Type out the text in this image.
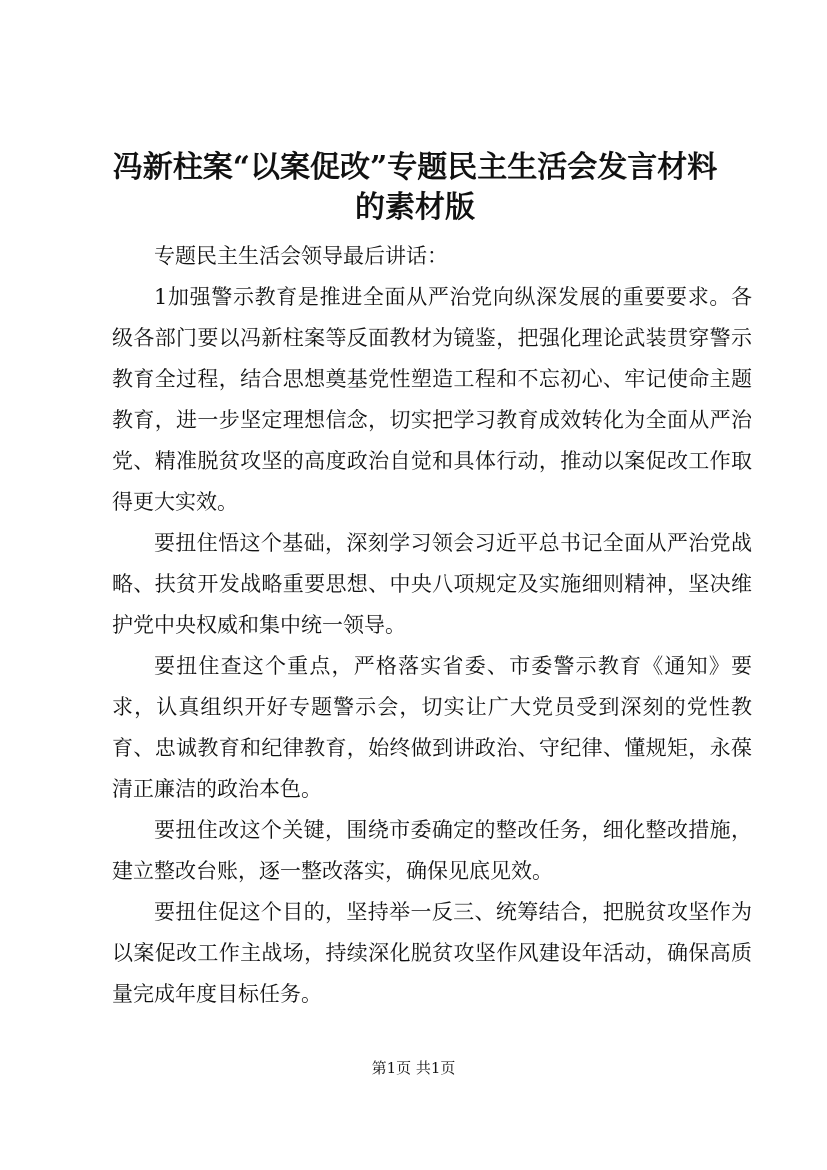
冯新柱案“以案促改”专题民主生活会发言材料的素材版

专题民主生活会领导最后讲话：

1加强警示教育是推进全面从严治党向纵深发展的重要要求。各级各部门要以冯新柱案等反面教材为镜鉴，把强化理论武装贯穿警示教育全过程，结合思想奠基党性塑造工程和不忘初心、牢记使命主题教育，进一步坚定理想信念，切实把学习教育成效转化为全面从严治党、精准脱贫攻坚的高度政治自觉和具体行动，推动以案促改工作取得更大实效。

要扭住悟这个基础，深刻学习领会习近平总书记全面从严治党战略、扶贫开发战略重要思想、中央八项规定及实施细则精神，坚决维护党中央权威和集中统一领导。

要扭住查这个重点，严格落实省委、市委警示教育《通知》要求，认真组织开好专题警示会，切实让广大党员受到深刻的党性教育、忠诚教育和纪律教育，始终做到讲政治、守纪律、懂规矩，永葆清正廉洁的政治本色。

要扭住改这个关键，围绕市委确定的整改任务，细化整改措施，建立整改台账，逐一整改落实，确保见底见效。

要扭住促这个目的，坚持举一反三、统筹结合，把脱贫攻坚作为以案促改工作主战场，持续深化脱贫攻坚作风建设年活动，确保高质量完成年度目标任务。

第1页 共1页
